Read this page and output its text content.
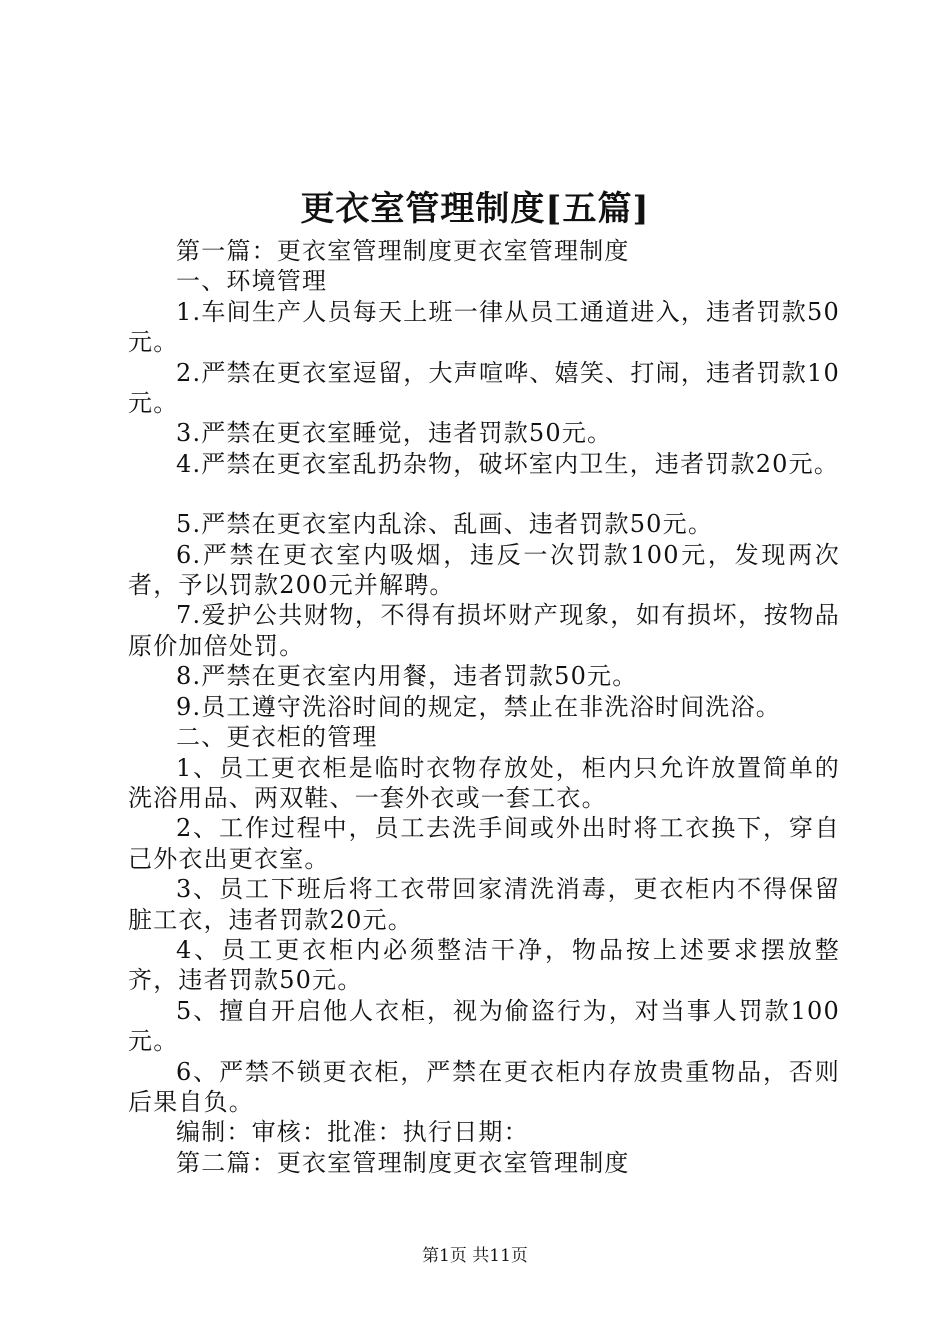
更衣室管理制度[五篇]

第一篇：更衣室管理制度更衣室管理制度

一、环境管理

1.车间生产人员每天上班一律从员工通道进入，违者罚款50元。

2.严禁在更衣室逗留，大声喧哗、嬉笑、打闹，违者罚款10元。

3.严禁在更衣室睡觉，违者罚款50元。

4.严禁在更衣室乱扔杂物，破坏室内卫生，违者罚款20元。

5.严禁在更衣室内乱涂、乱画、违者罚款50元。

6.严禁在更衣室内吸烟，违反一次罚款100元，发现两次者，予以罚款200元并解聘。

7.爱护公共财物，不得有损坏财产现象，如有损坏，按物品原价加倍处罚。

8.严禁在更衣室内用餐，违者罚款50元。

9.员工遵守洗浴时间的规定，禁止在非洗浴时间洗浴。

二、更衣柜的管理

1、员工更衣柜是临时衣物存放处，柜内只允许放置简单的洗浴用品、两双鞋、一套外衣或一套工衣。

2、工作过程中，员工去洗手间或外出时将工衣换下，穿自己外衣出更衣室。

3、员工下班后将工衣带回家清洗消毒，更衣柜内不得保留脏工衣，违者罚款20元。

4、员工更衣柜内必须整洁干净，物品按上述要求摆放整齐，违者罚款50元。

5、擅自开启他人衣柜，视为偷盗行为，对当事人罚款100元。

6、严禁不锁更衣柜，严禁在更衣柜内存放贵重物品，否则后果自负。

编制：审核：批准：执行日期：

第二篇：更衣室管理制度更衣室管理制度

第1页 共11页
